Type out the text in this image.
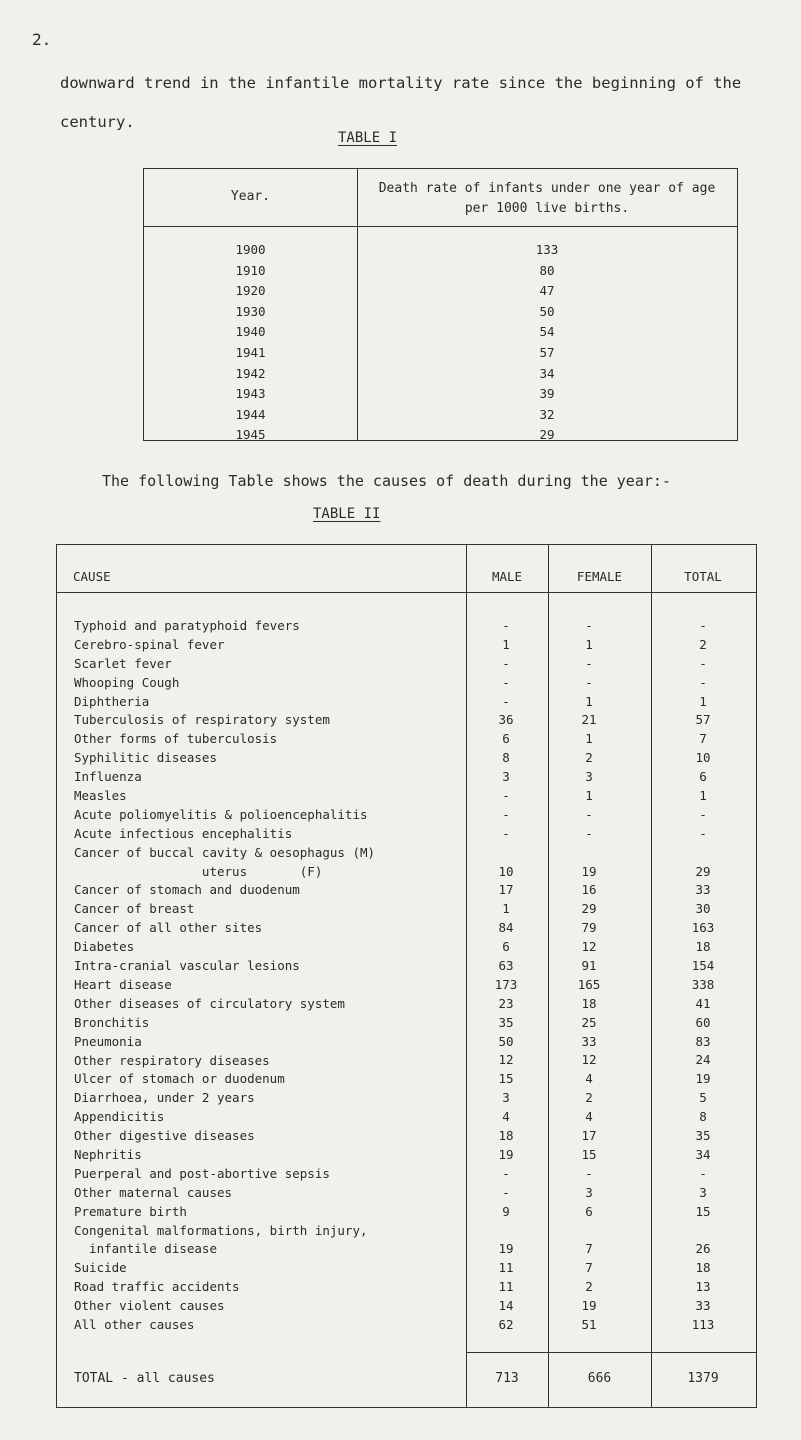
2.

downward trend in the infantile mortality rate since the beginning of the century.

TABLE I
Year.
Death rate of infants under one year of age per 1000 live births.
1900	133
1910	80
1920	47
1930	50
1940	54
1941	57
1942	34
1943	39
1944	32
1945	29
The following Table shows the causes of death during the year:-
TABLE II
CAUSE	MALE	FEMALE	TOTAL
Typhoid and paratyphoid fevers	-	-	-
Cerebro-spinal fever	1	1	2
Scarlet fever	-	-	-
Whooping Cough	-	-	-
Diphtheria	-	1	1
Tuberculosis of respiratory system	36	21	57
Other forms of tuberculosis	6	1	7
Syphilitic diseases	8	2	10
Influenza	3	3	6
Measles	-	1	1
Acute poliomyelitis & polioencephalitis	-	-	-
Acute infectious encephalitis	-	-	-
Cancer of buccal cavity & oesophagus (M)
uterus       (F)	10	19	29
Cancer of stomach and duodenum	17	16	33
Cancer of breast	1	29	30
Cancer of all other sites	84	79	163
Diabetes	6	12	18
Intra-cranial vascular lesions	63	91	154
Heart disease	173	165	338
Other diseases of circulatory system	23	18	41
Bronchitis	35	25	60
Pneumonia	50	33	83
Other respiratory diseases	12	12	24
Ulcer of stomach or duodenum	15	4	19
Diarrhoea, under 2 years	3	2	5
Appendicitis	4	4	8
Other digestive diseases	18	17	35
Nephritis	19	15	34
Puerperal and post-abortive sepsis	-	-	-
Other maternal causes	-	3	3
Premature birth	9	6	15
Congenital malformations, birth injury,
infantile disease	19	7	26
Suicide	11	7	18
Road traffic accidents	11	2	13
Other violent causes	14	19	33
All other causes	62	51	113
TOTAL - all causes	713	666	1379
